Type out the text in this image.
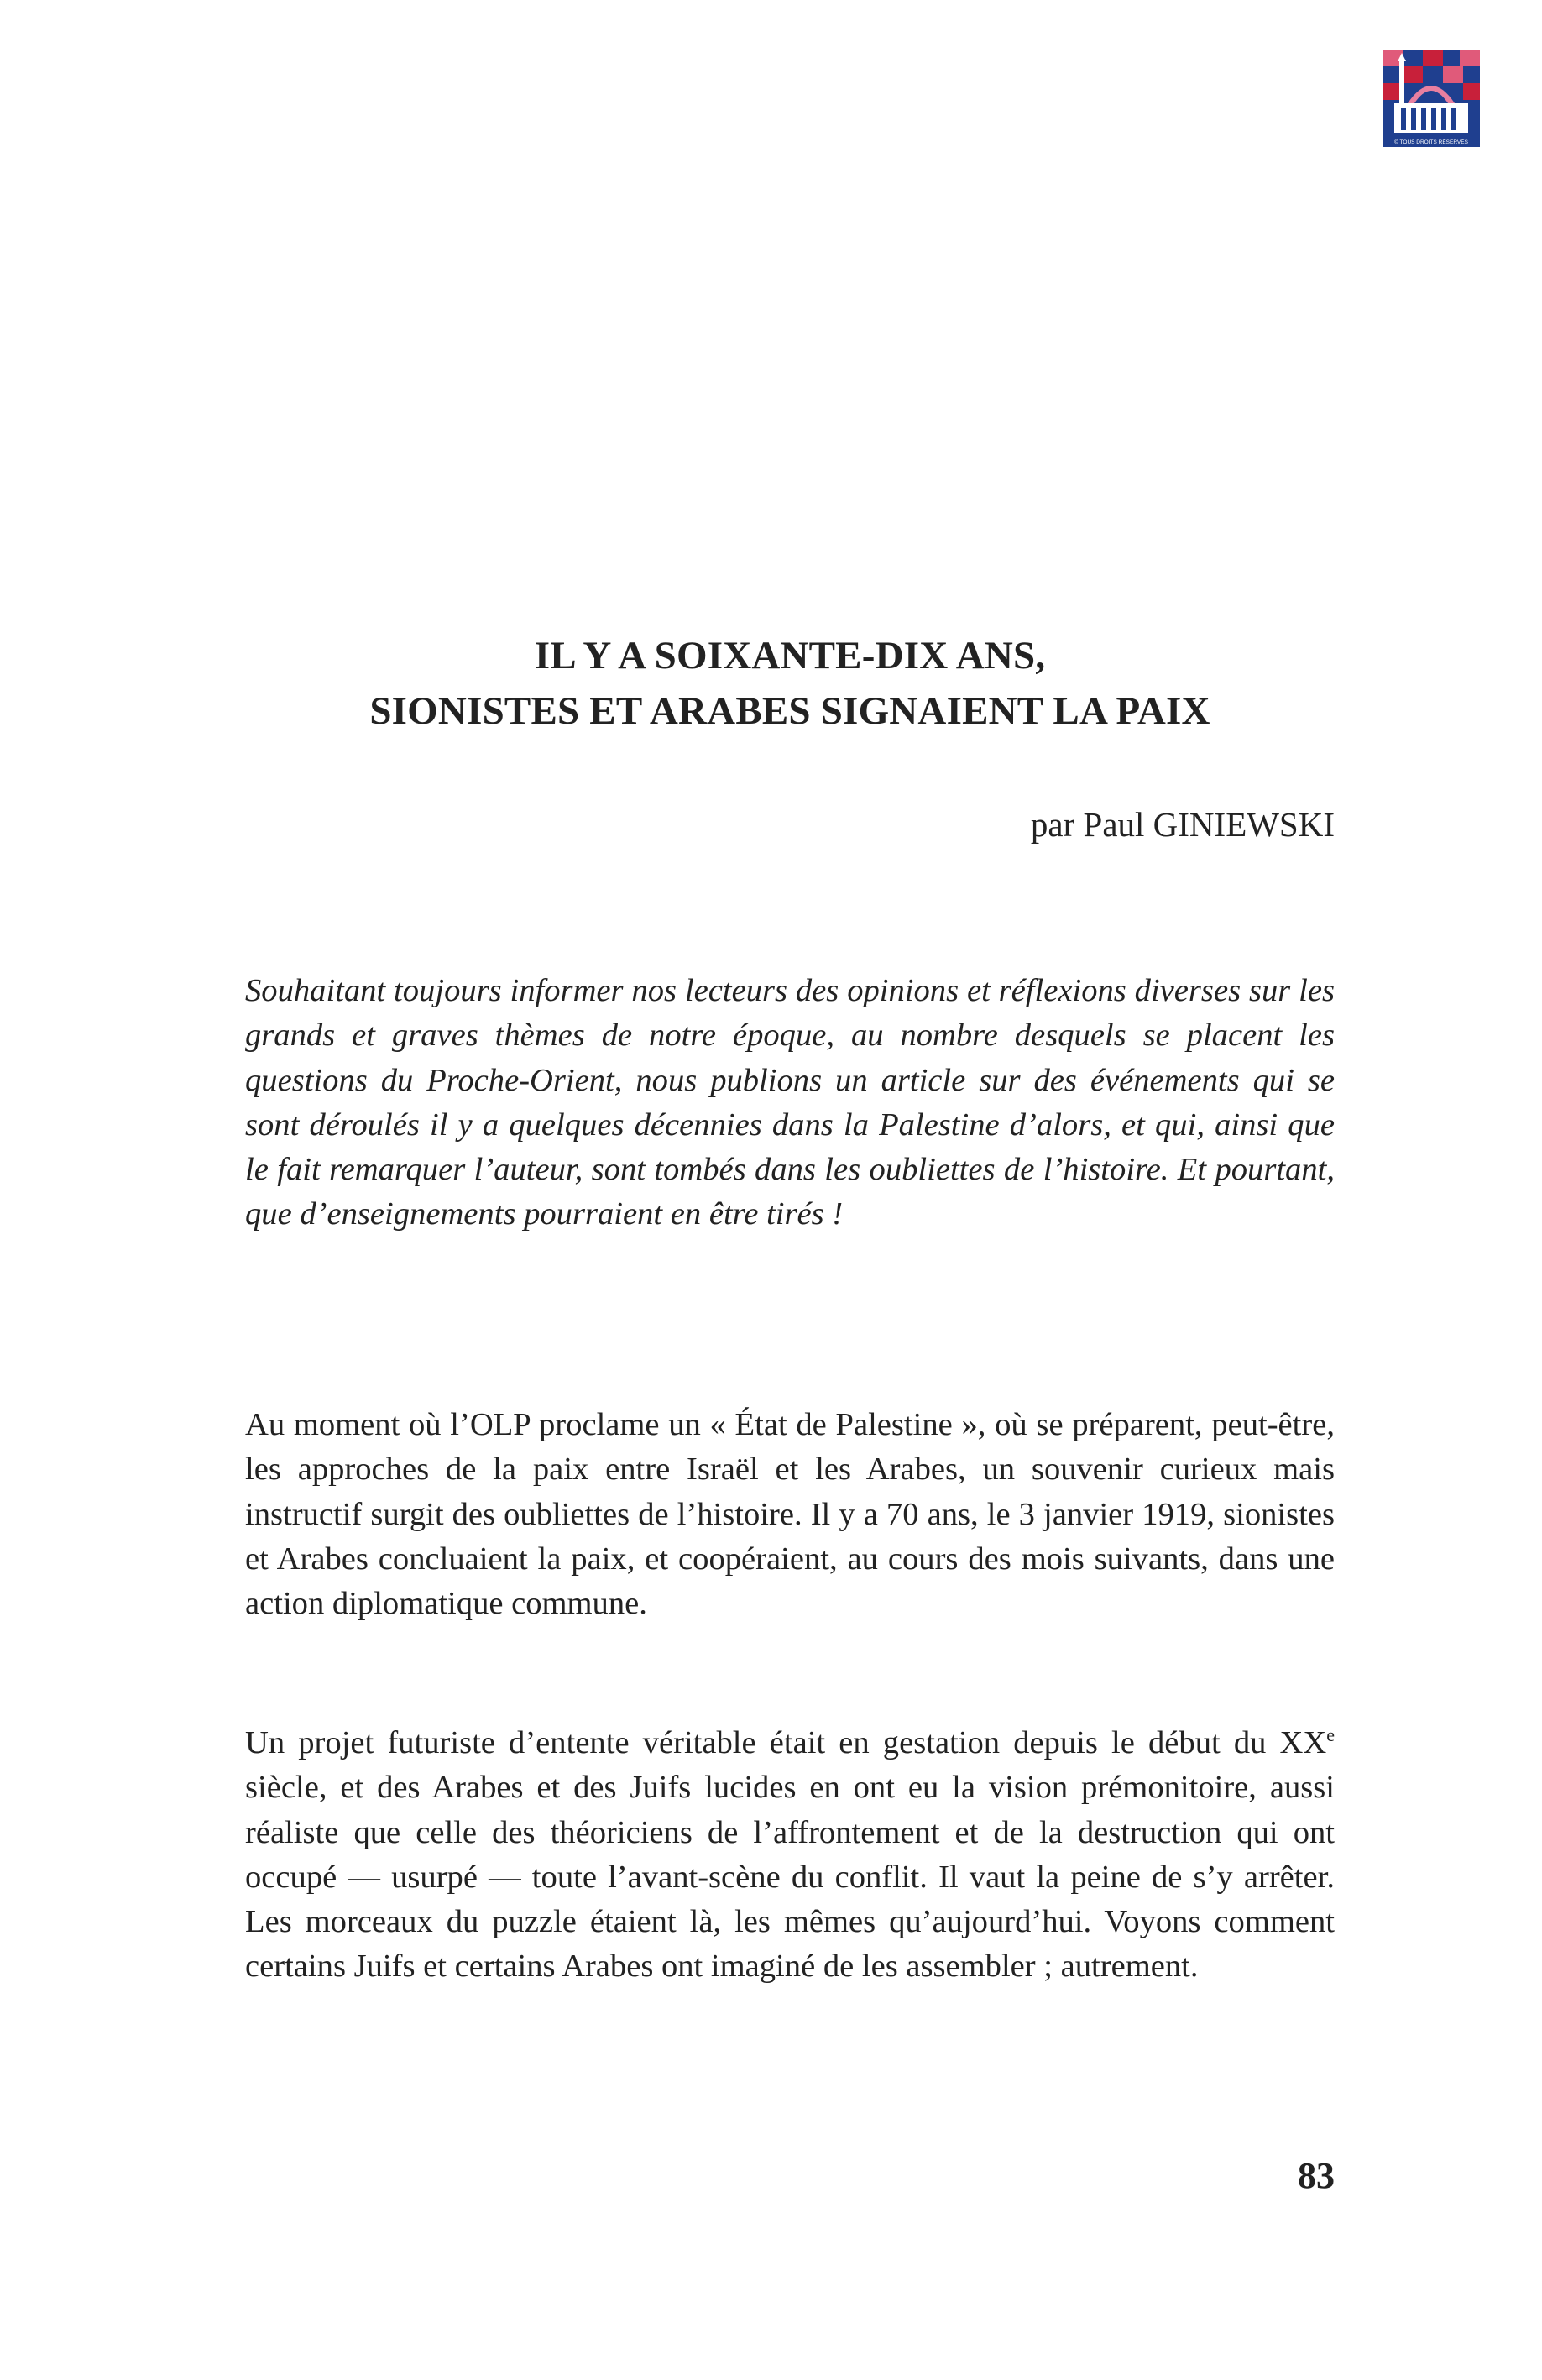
© TOUS DROITS RÉSERVÉS
IL Y A SOIXANTE-DIX ANS,
SIONISTES ET ARABES SIGNAIENT LA PAIX
par Paul GINIEWSKI

Souhaitant toujours informer nos lecteurs des opinions et réflexions diverses sur les grands et graves thèmes de notre époque, au nombre desquels se placent les questions du Proche-Orient, nous publions un article sur des événements qui se sont déroulés il y a quelques décennies dans la Palestine d’alors, et qui, ainsi que le fait remarquer l’auteur, sont tombés dans les oubliettes de l’histoire. Et pourtant, que d’enseignements pourraient en être tirés !

Au moment où l’OLP proclame un « État de Palestine », où se préparent, peut-être, les approches de la paix entre Israël et les Arabes, un souvenir curieux mais instructif surgit des oubliettes de l’histoire. Il y a 70 ans, le 3 janvier 1919, sionistes et Arabes concluaient la paix, et coopéraient, au cours des mois suivants, dans une action diplomatique commune.

Un projet futuriste d’entente véritable était en gestation depuis le début du XXe siècle, et des Arabes et des Juifs lucides en ont eu la vision prémonitoire, aussi réaliste que celle des théoriciens de l’affrontement et de la destruction qui ont occupé — usurpé — toute l’avant-scène du conflit. Il vaut la peine de s’y arrêter. Les morceaux du puzzle étaient là, les mêmes qu’aujourd’hui. Voyons comment certains Juifs et certains Arabes ont imaginé de les assembler ; autrement.

83
